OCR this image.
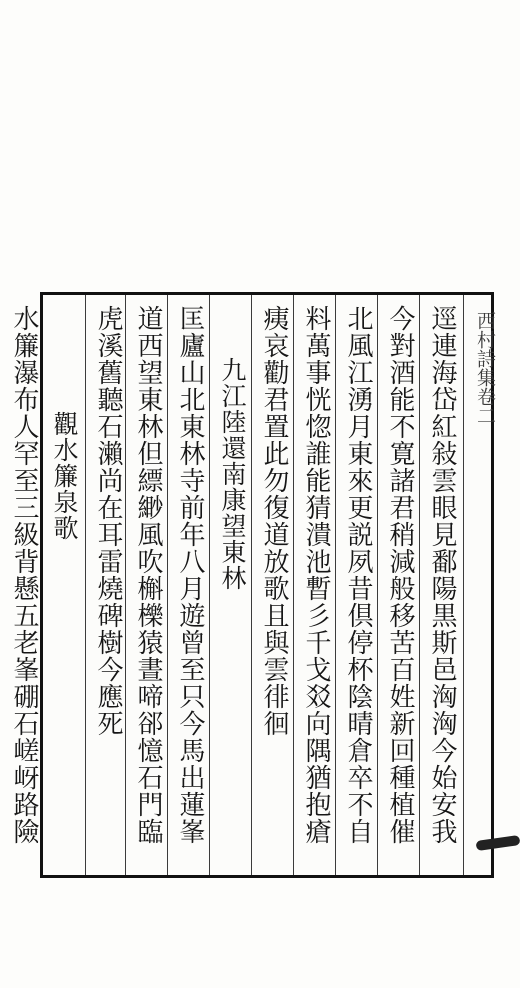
西村詩集卷二
逕連海岱紅敍雲眼見鄱陽黒斯邑洶洶今始安我
今對酒能不寛諸君稍減般移苦百姓新回種植催
北風江湧月東來更説夙昔倶停杯陰晴倉卒不自
料萬事恍惚誰能猜潰池暫彡千戈㸚向隅猶抱瘡
痍哀勸君置此勿復道放歌且與雲徘徊
九江陸還南康望東林
匡廬山北東林寺前年八月遊曾至只今馬出蓮峯
道西望東林但縹緲風吹槲櫟猿晝啼郤憶石門臨
虎溪舊聽石瀨尚在耳雷燒碑樹今應死
觀水簾泉歌
水簾瀑布人罕至三級背懸五老峯硼石嵯岈路險
